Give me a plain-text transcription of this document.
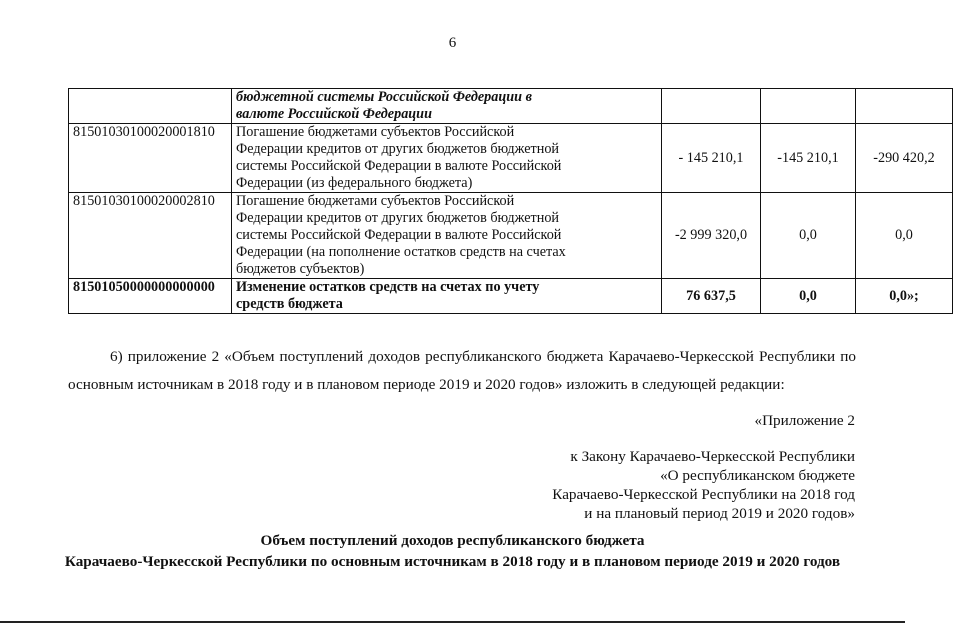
6

	бюджетной системы Российской Федерации в
валюте Российской Федерации			

81501030100020001810	Погашение бюджетами субъектов Российской
Федерации кредитов от других бюджетов бюджетной
системы Российской Федерации в валюте Российской
Федерации (из федерального бюджета)	- 145 210,1	-145 210,1	-290 420,2
81501030100020002810	Погашение бюджетами субъектов Российской
Федерации кредитов от других бюджетов бюджетной
системы Российской Федерации в валюте Российской
Федерации (на пополнение остатков средств на счетах
бюджетов субъектов)	-2 999 320,0	0,0	0,0
81501050000000000000	Изменение остатков средств на счетах по учету
средств бюджета	76 637,5	0,0	0,0»;
6) приложение 2 «Объем поступлений доходов республиканского бюджета Карачаево-Черкесской Республики по основным источникам в 2018 году и в плановом периоде 2019 и 2020 годов» изложить в следующей редакции:
«Приложение 2
к Закону Карачаево-Черкесской Республики
«О республиканском бюджете
Карачаево-Черкесской Республики на 2018 год
и на плановый период 2019 и 2020 годов»
Объем поступлений доходов республиканского бюджета
Карачаево-Черкесской Республики по основным источникам в 2018 году и в плановом периоде 2019 и 2020 годов
